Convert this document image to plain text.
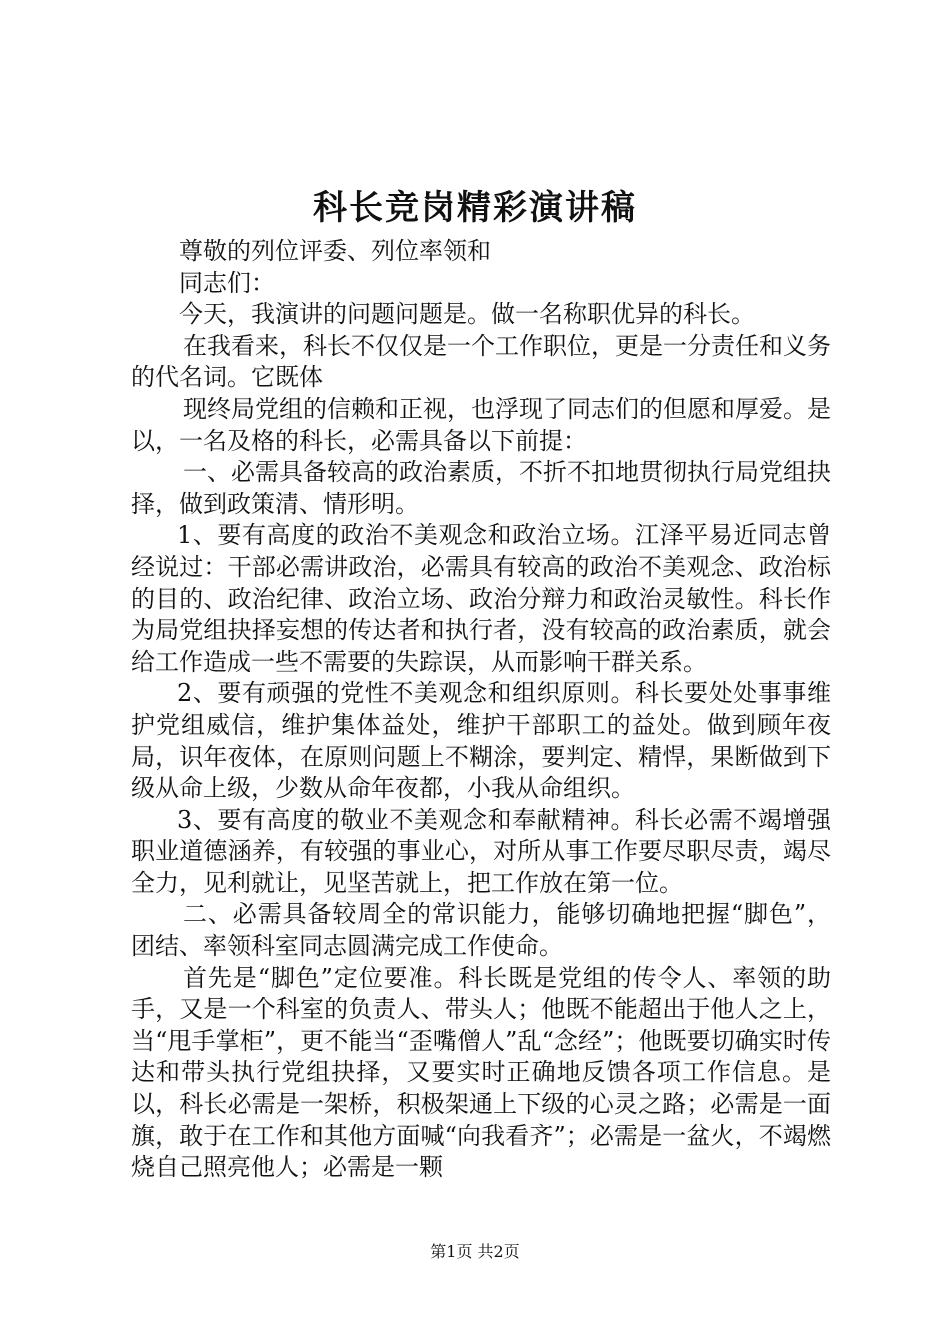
科长竞岗精彩演讲稿

尊敬的列位评委、列位率领和

同志们：

今天，我演讲的问题问题是。做一名称职优异的科长。

在我看来，科长不仅仅是一个工作职位，更是一分责任和义务的代名词。它既体

现终局党组的信赖和正视，也浮现了同志们的但愿和厚爱。是以，一名及格的科长，必需具备以下前提：

一、必需具备较高的政治素质，不折不扣地贯彻执行局党组抉择，做到政策清、情形明。

1、要有高度的政治不美观念和政治立场。江泽平易近同志曾经说过：干部必需讲政治，必需具有较高的政治不美观念、政治标的目的、政治纪律、政治立场、政治分辩力和政治灵敏性。科长作为局党组抉择妄想的传达者和执行者，没有较高的政治素质，就会给工作造成一些不需要的失踪误，从而影响干群关系。

2、要有顽强的党性不美观念和组织原则。科长要处处事事维护党组威信，维护集体益处，维护干部职工的益处。做到顾年夜局，识年夜体，在原则问题上不糊涂，要判定、精悍，果断做到下级从命上级，少数从命年夜都，小我从命组织。

3、要有高度的敬业不美观念和奉献精神。科长必需不竭增强职业道德涵养，有较强的事业心，对所从事工作要尽职尽责，竭尽全力，见利就让，见坚苦就上，把工作放在第一位。

二、必需具备较周全的常识能力，能够切确地把握“脚色”，团结、率领科室同志圆满完成工作使命。

首先是“脚色”定位要准。科长既是党组的传令人、率领的助手，又是一个科室的负责人、带头人；他既不能超出于他人之上，当“甩手掌柜”，更不能当“歪嘴僧人”乱“念经”；他既要切确实时传达和带头执行党组抉择，又要实时正确地反馈各项工作信息。是以，科长必需是一架桥，积极架通上下级的心灵之路；必需是一面旗，敢于在工作和其他方面喊“向我看齐”；必需是一盆火，不竭燃烧自己照亮他人；必需是一颗

第1页 共2页
